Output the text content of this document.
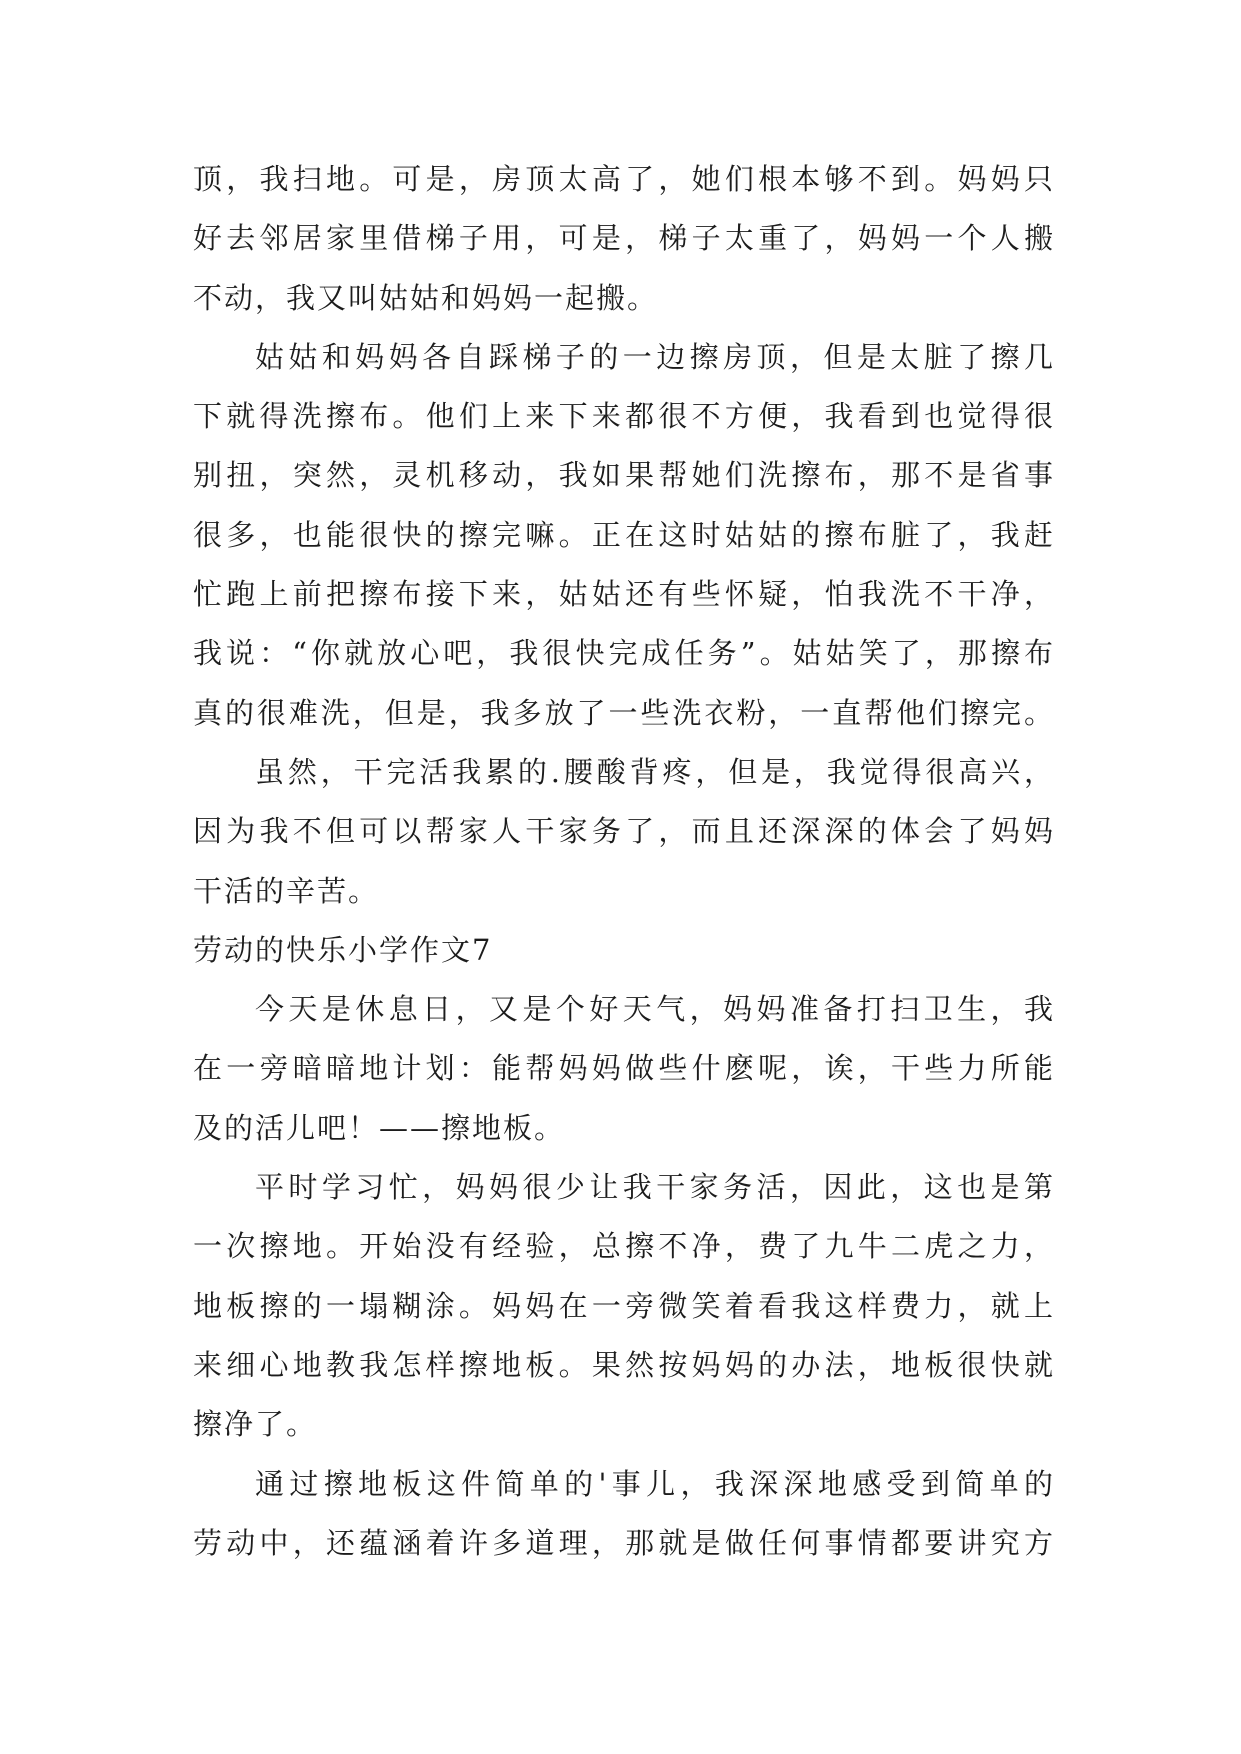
顶，我扫地。可是，房顶太高了，她们根本够不到。妈妈只
好去邻居家里借梯子用，可是，梯子太重了，妈妈一个人搬
不动，我又叫姑姑和妈妈一起搬。
姑姑和妈妈各自踩梯子的一边擦房顶，但是太脏了擦几
下就得洗擦布。他们上来下来都很不方便，我看到也觉得很
别扭，突然，灵机移动，我如果帮她们洗擦布，那不是省事
很多，也能很快的擦完嘛。正在这时姑姑的擦布脏了，我赶
忙跑上前把擦布接下来，姑姑还有些怀疑，怕我洗不干净，
我说：“你就放心吧，我很快完成任务”。姑姑笑了，那擦布
真的很难洗，但是，我多放了一些洗衣粉，一直帮他们擦完。
虽然，干完活我累的.腰酸背疼，但是，我觉得很高兴，
因为我不但可以帮家人干家务了，而且还深深的体会了妈妈
干活的辛苦。
劳动的快乐小学作文7
今天是休息日，又是个好天气，妈妈准备打扫卫生，我
在一旁暗暗地计划：能帮妈妈做些什麽呢，诶，干些力所能
及的活儿吧！——擦地板。
平时学习忙，妈妈很少让我干家务活，因此，这也是第
一次擦地。开始没有经验，总擦不净，费了九牛二虎之力，
地板擦的一塌糊涂。妈妈在一旁微笑着看我这样费力，就上
来细心地教我怎样擦地板。果然按妈妈的办法，地板很快就
擦净了。
通过擦地板这件简单的'事儿，我深深地感受到简单的
劳动中，还蕴涵着许多道理，那就是做任何事情都要讲究方
